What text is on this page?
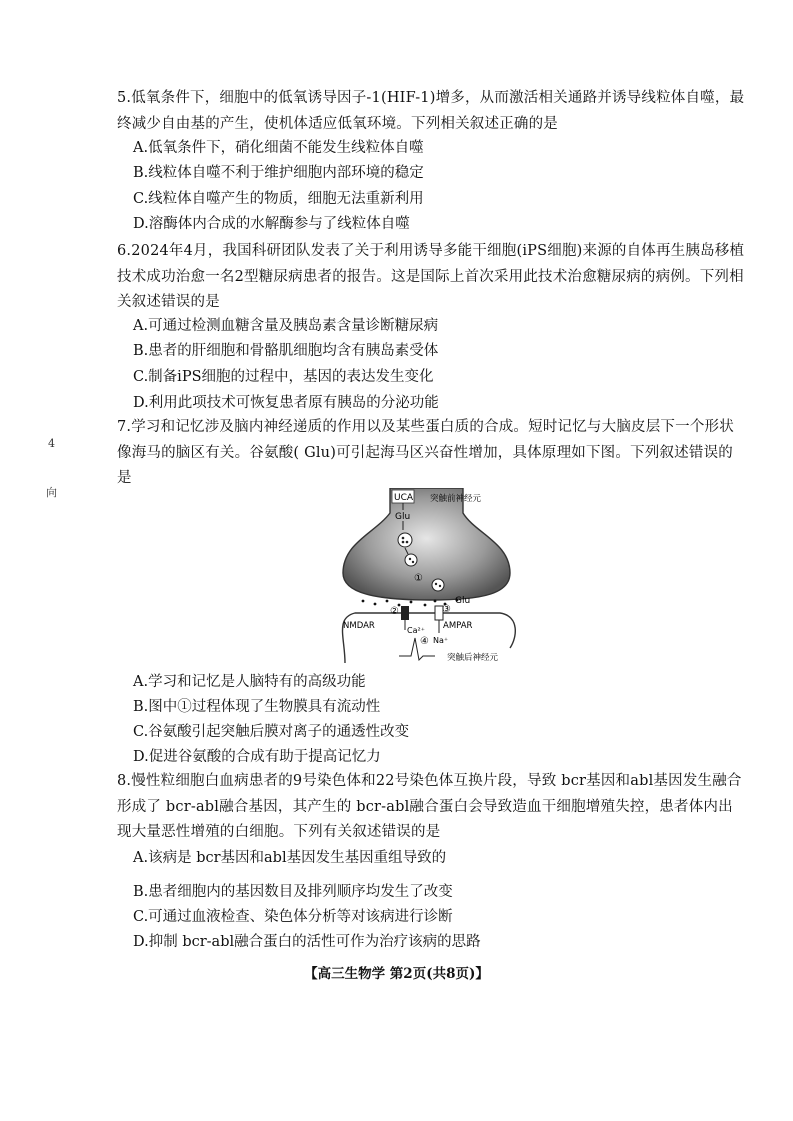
4
向

5.低氧条件下，细胞中的低氧诱导因子-1(HIF-1)增多，从而激活相关通路并诱导线粒体自噬，最终减少自由基的产生，使机体适应低氧环境。下列相关叙述正确的是

A.低氧条件下，硝化细菌不能发生线粒体自噬
B.线粒体自噬不利于维护细胞内部环境的稳定
C.线粒体自噬产生的物质，细胞无法重新利用
D.溶酶体内合成的水解酶参与了线粒体自噬

6.2024年4月，我国科研团队发表了关于利用诱导多能干细胞(iPS细胞)来源的自体再生胰岛移植技术成功治愈一名2型糖尿病患者的报告。这是国际上首次采用此技术治愈糖尿病的病例。下列相关叙述错误的是

A.可通过检测血糖含量及胰岛素含量诊断糖尿病
B.患者的肝细胞和骨骼肌细胞均含有胰岛素受体
C.制备iPS细胞的过程中，基因的表达发生变化
D.利用此项技术可恢复患者原有胰岛的分泌功能

7.学习和记忆涉及脑内神经递质的作用以及某些蛋白质的合成。短时记忆与大脑皮层下一个形状像海马的脑区有关。谷氨酸( Glu)可引起海马区兴奋性增加，具体原理如下图。下列叙述错误的是

UCA
Glu
①
突触前神经元
Glu
②	③
NMDAR	AMPAR
Ca²⁺
④ Na⁺
突触后神经元
A.学习和记忆是人脑特有的高级功能
B.图中①过程体现了生物膜具有流动性
C.谷氨酸引起突触后膜对离子的通透性改变
D.促进谷氨酸的合成有助于提高记忆力

8.慢性粒细胞白血病患者的9号染色体和22号染色体互换片段，导致 bcr基因和abl基因发生融合形成了 bcr-abl融合基因，其产生的 bcr-abl融合蛋白会导致造血干细胞增殖失控，患者体内出现大量恶性增殖的白细胞。下列有关叙述错误的是

A.该病是 bcr基因和abl基因发生基因重组导致的
B.患者细胞内的基因数目及排列顺序均发生了改变
C.可通过血液检查、染色体分析等对该病进行诊断
D.抑制 bcr-abl融合蛋白的活性可作为治疗该病的思路
【高三生物学 第2页(共8页)】
